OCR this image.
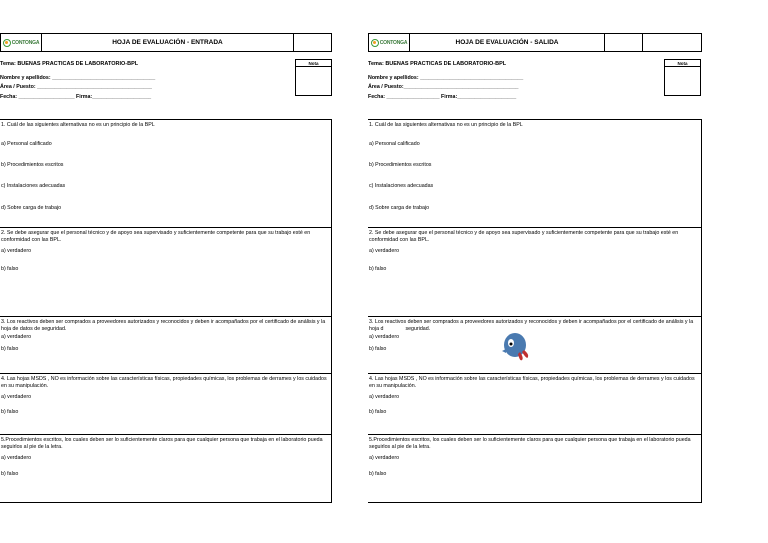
CONTONGA	HOJA DE EVALUACIÓN - ENTRADA
Tema: BUENAS PRACTICAS DE LABORATORIO-BPL	Nota
Nombre y apellidos: ___________________________________
Área / Puesto: _______________________________________
Fecha: ___________________ Firma:____________________
1. Cuál de las siguientes alternativas no es un principio de la BPL
a) Personal calificado
b) Procedimientos escritos
c) Instalaciones adecuadas
d) Sobre carga de trabajo
2. Se debe asegurar que el personal técnico y de apoyo sea supervisado y suficientemente competente para que su trabajo esté en conformidad con las BPL.
a) verdadero
b) falso
3. Los reactivos deben ser comprados a proveedores autorizados y reconocidos y deben ir acompañados por el certificado de análisis y la hoja de datos de seguridad.
a) verdadero
b) falso
4. Las hojas MSDS , NO es información sobre las características físicas, propiedades químicas, los problemas de derrames y los cuidados en su manipulación.
a) verdadero
b) falso
5.Procedimientos escritos, los cuales deben ser lo suficientemente claros para que cualquier persona que trabaja en el laboratorio pueda seguirlos al pie de la letra.
a) verdadero
b) falso
CONTONGA	HOJA DE EVALUACIÓN - SALIDA
Tema: BUENAS PRACTICAS DE LABORATORIO-BPL	Nota
Nombre y apellidos: ___________________________________
Área / Puesto:_______________________________________
Fecha: __________________ Firma:____________________
1. Cuál de las siguientes alternativas no es un principio de la BPL
a) Personal calificado
b) Procedimientos escritos
c) Instalaciones adecuadas
d) Sobre carga de trabajo
2. Se debe asegurar que el personal técnico y de apoyo sea supervisado y suficientemente competente para que su trabajo esté en conformidad con las BPL.
a) verdadero
b) falso
3. Los reactivos deben ser comprados a proveedores autorizados y reconocidos y deben ir acompañados por el certificado de análisis y la hoja d	seguridad.
a) verdadero
b) falso
4. Las hojas MSDS , NO es información sobre las características físicas, propiedades químicas, los problemas de derrames y los cuidados en su manipulación.
a) verdadero
b) falso
5.Procedimientos escritos, los cuales deben ser lo suficientemente claros para que cualquier persona que trabaja en el laboratorio pueda seguirlos al pie de la letra.
a) verdadero
b) falso
